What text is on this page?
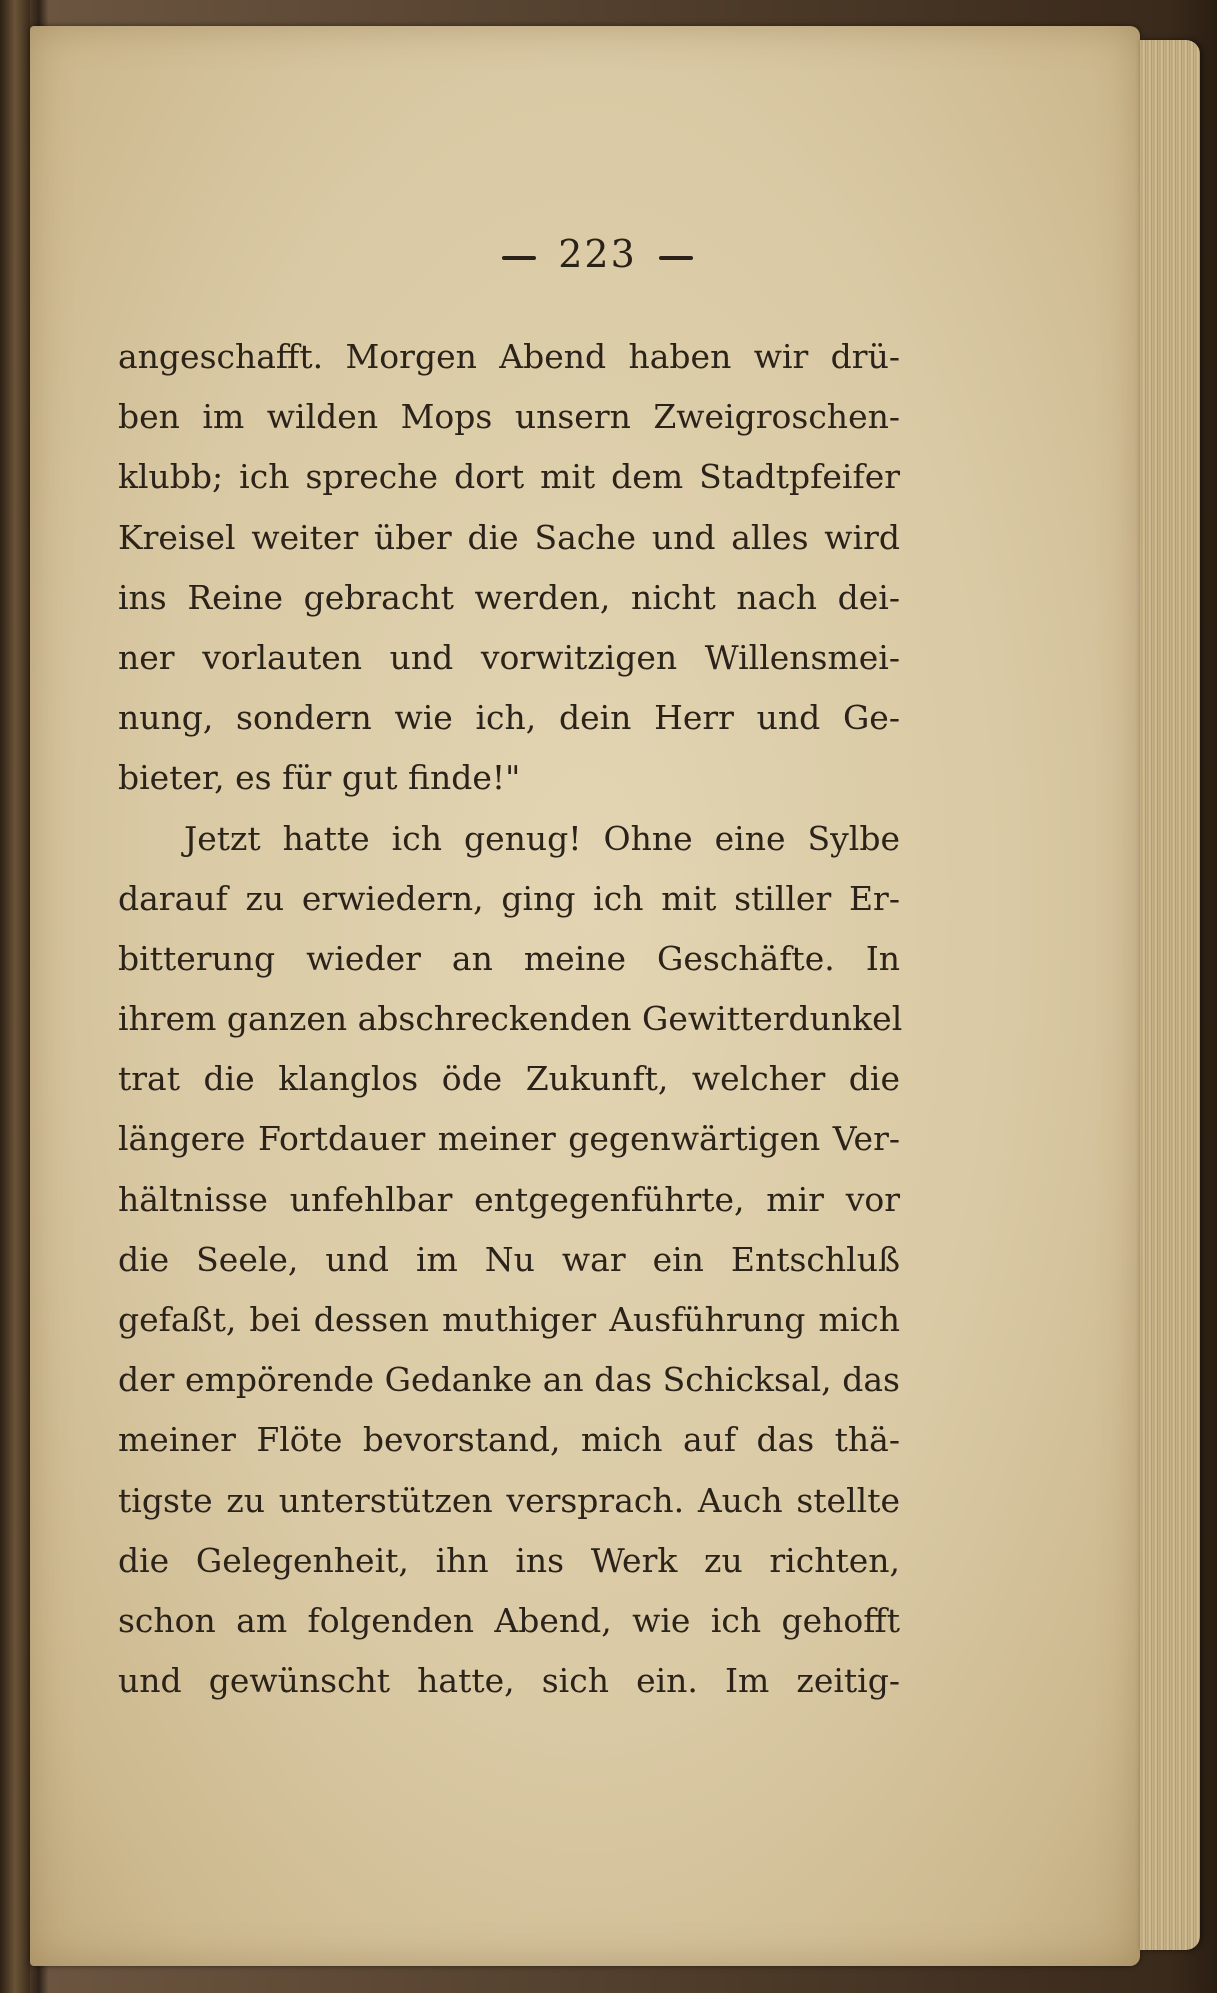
223
angeschafft. Morgen Abend haben wir drü-
ben im wilden Mops unsern Zweigroschen-
klubb; ich spreche dort mit dem Stadtpfeifer
Kreisel weiter über die Sache und alles wird
ins Reine gebracht werden, nicht nach dei-
ner vorlauten und vorwitzigen Willensmei-
nung, sondern wie ich, dein Herr und Ge-
bieter, es für gut finde!"
Jetzt hatte ich genug! Ohne eine Sylbe
darauf zu erwiedern, ging ich mit stiller Er-
bitterung wieder an meine Geschäfte. In
ihrem ganzen abschreckenden Gewitterdunkel
trat die klanglos öde Zukunft, welcher die
längere Fortdauer meiner gegenwärtigen Ver-
hältnisse unfehlbar entgegenführte, mir vor
die Seele, und im Nu war ein Entschluß
gefaßt, bei dessen muthiger Ausführung mich
der empörende Gedanke an das Schicksal, das
meiner Flöte bevorstand, mich auf das thä-
tigste zu unterstützen versprach. Auch stellte
die Gelegenheit, ihn ins Werk zu richten,
schon am folgenden Abend, wie ich gehofft
und gewünscht hatte, sich ein. Im zeitig-
